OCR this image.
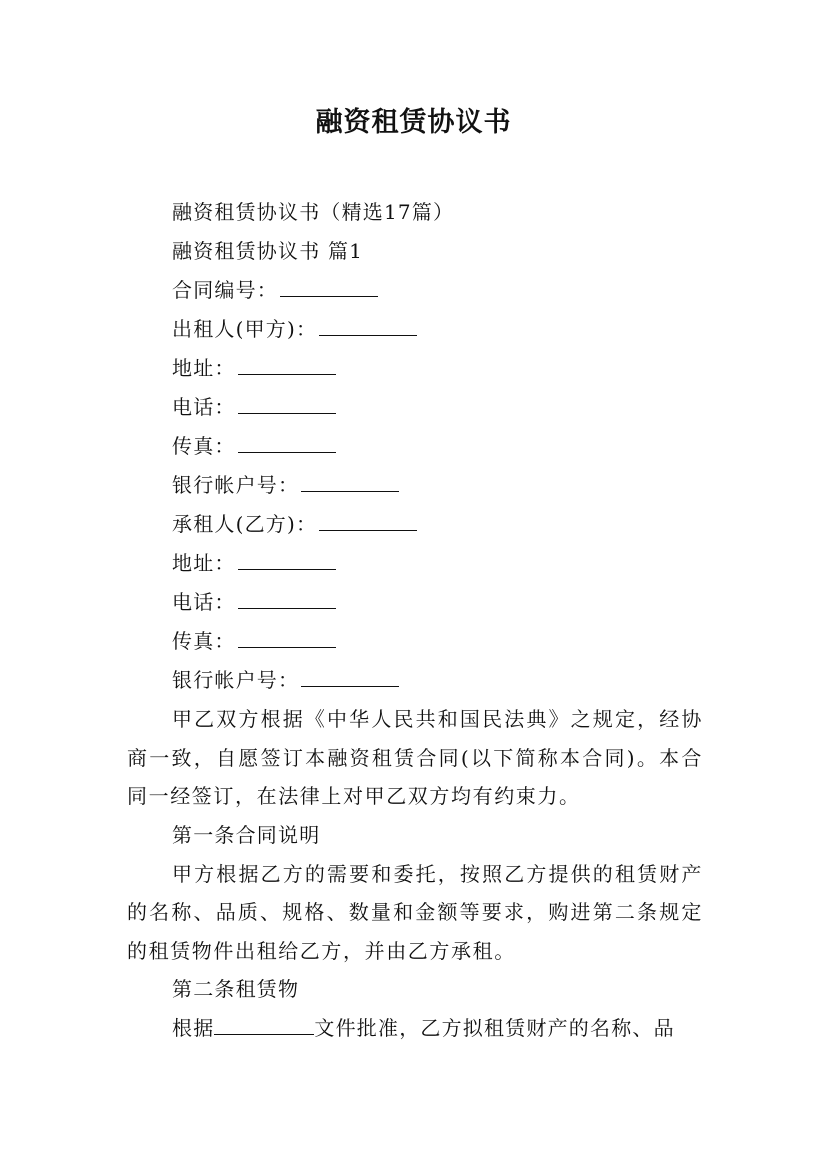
融资租赁协议书
融资租赁协议书（精选17篇）
融资租赁协议书 篇1
合同编号：
出租人(甲方)：
地址：
电话：
传真：
银行帐户号：
承租人(乙方)：
地址：
电话：
传真：
银行帐户号：

甲乙双方根据《中华人民共和国民法典》之规定，经协商一致，自愿签订本融资租赁合同(以下简称本合同)。本合同一经签订，在法律上对甲乙双方均有约束力。

第一条合同说明

甲方根据乙方的需要和委托，按照乙方提供的租赁财产的名称、品质、规格、数量和金额等要求，购进第二条规定的租赁物件出租给乙方，并由乙方承租。

第二条租赁物
根据	文件批准，乙方拟租赁财产的名称、品
